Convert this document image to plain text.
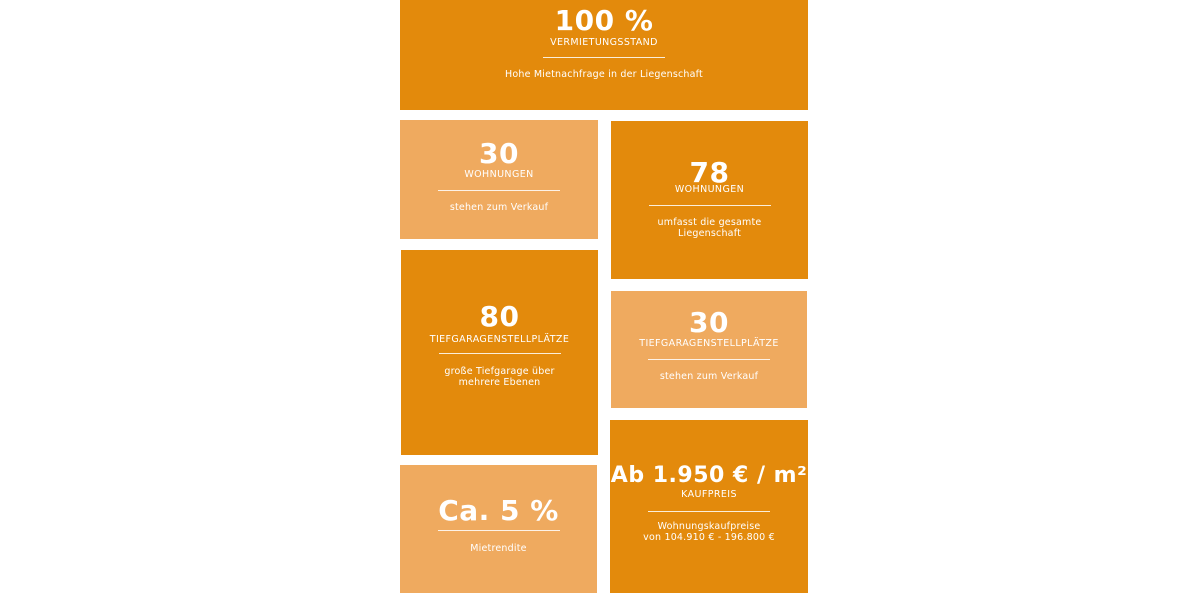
100 %
VERMIETUNGSSTAND
Hohe Mietnachfrage in der Liegenschaft
30
WOHNUNGEN
stehen zum Verkauf
78
WOHNUNGEN
umfasst die gesamte
Liegenschaft
80
TIEFGARAGENSTELLPLÄTZE
große Tiefgarage über
mehrere Ebenen
30
TIEFGARAGENSTELLPLÄTZE
stehen zum Verkauf
Ca. 5 %
Mietrendite
Ab 1.950 € / m²
KAUFPREIS
Wohnungskaufpreise
von 104.910 € - 196.800 €
